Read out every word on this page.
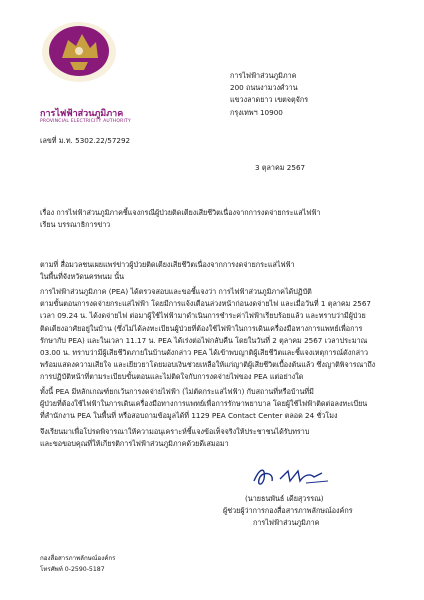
การไฟฟ้าส่วนภูมิภาค
PROVINCIAL ELECTRICITY AUTHORITY
เลขที่ ม.ท. 5302.22/57292
การไฟฟ้าส่วนภูมิภาค
200 ถนนงามวงศ์วาน
แขวงลาดยาว เขตจตุจักร
กรุงเทพฯ 10900
3 ตุลาคม 2567
เรื่อง การไฟฟ้าส่วนภูมิภาคชี้แจงกรณีผู้ป่วยติดเตียงเสียชีวิตเนื่องจากการงดจ่ายกระแสไฟฟ้า
เรียน บรรณาธิการข่าว
ตามที่ สื่อมวลชนเผยแพร่ข่าวผู้ป่วยติดเตียงเสียชีวิตเนื่องจากการงดจ่ายกระแสไฟฟ้า
ในพื้นที่จังหวัดนครพนม นั้น
การไฟฟ้าส่วนภูมิภาค (PEA) ได้ตรวจสอบและขอชี้แจงว่า การไฟฟ้าส่วนภูมิภาคได้ปฏิบัติ
ตามขั้นตอนการงดจ่ายกระแสไฟฟ้า โดยมีการแจ้งเตือนล่วงหน้าก่อนงดจ่ายไฟ และเมื่อวันที่ 1 ตุลาคม 2567
เวลา 09.24 น. ได้งดจ่ายไฟ ต่อมาผู้ใช้ไฟฟ้ามาดำเนินการชำระค่าไฟฟ้าเรียบร้อยแล้ว และทราบว่ามีผู้ป่วย
ติดเตียงอาศัยอยู่ในบ้าน (ซึ่งไม่ได้ลงทะเบียนผู้ป่วยที่ต้องใช้ไฟฟ้าในการเดินเครื่องมือทางการแพทย์เพื่อการ
รักษากับ PEA) และในเวลา 11.17 น. PEA ได้เร่งต่อไฟกลับคืน โดยในวันที่ 2 ตุลาคม 2567 เวลาประมาณ
03.00 น. ทราบว่ามีผู้เสียชีวิตภายในบ้านดังกล่าว PEA ได้เข้าพบญาติผู้เสียชีวิตและชี้แจงเหตุการณ์ดังกล่าว
พร้อมแสดงความเสียใจ และเยียวยาโดยมอบเงินช่วยเหลือให้แก่ญาติผู้เสียชีวิตเบื้องต้นแล้ว ซึ่งญาติพิจารณาถึง
การปฏิบัติหน้าที่ตามระเบียบขั้นตอนและไม่ติดใจกับการงดจ่ายไฟของ PEA แต่อย่างใด
ทั้งนี้ PEA มีหลักเกณฑ์ยกเว้นการงดจ่ายไฟฟ้า (ไม่ตัดกระแสไฟฟ้า) กับสถานที่หรือบ้านที่มี
ผู้ป่วยที่ต้องใช้ไฟฟ้าในการเดินเครื่องมือทางการแพทย์เพื่อการรักษาพยาบาล โดยผู้ใช้ไฟฟ้าติดต่อลงทะเบียน
ที่สำนักงาน PEA ในพื้นที่ หรือสอบถามข้อมูลได้ที่ 1129 PEA Contact Center ตลอด 24 ชั่วโมง
จึงเรียนมาเพื่อโปรดพิจารณาให้ความอนุเคราะห์ชี้แจงข้อเท็จจริงให้ประชาชนได้รับทราบ
และขอขอบคุณที่ให้เกียรติการไฟฟ้าส่วนภูมิภาคด้วยดีเสมอมา
(นายธนพันธ์ เดียสุวรรณ)
ผู้ช่วยผู้ว่าการกองสื่อสารภาพลักษณ์องค์กร
การไฟฟ้าส่วนภูมิภาค
กองสื่อสารภาพลักษณ์องค์กร
โทรศัพท์ 0-2590-5187
